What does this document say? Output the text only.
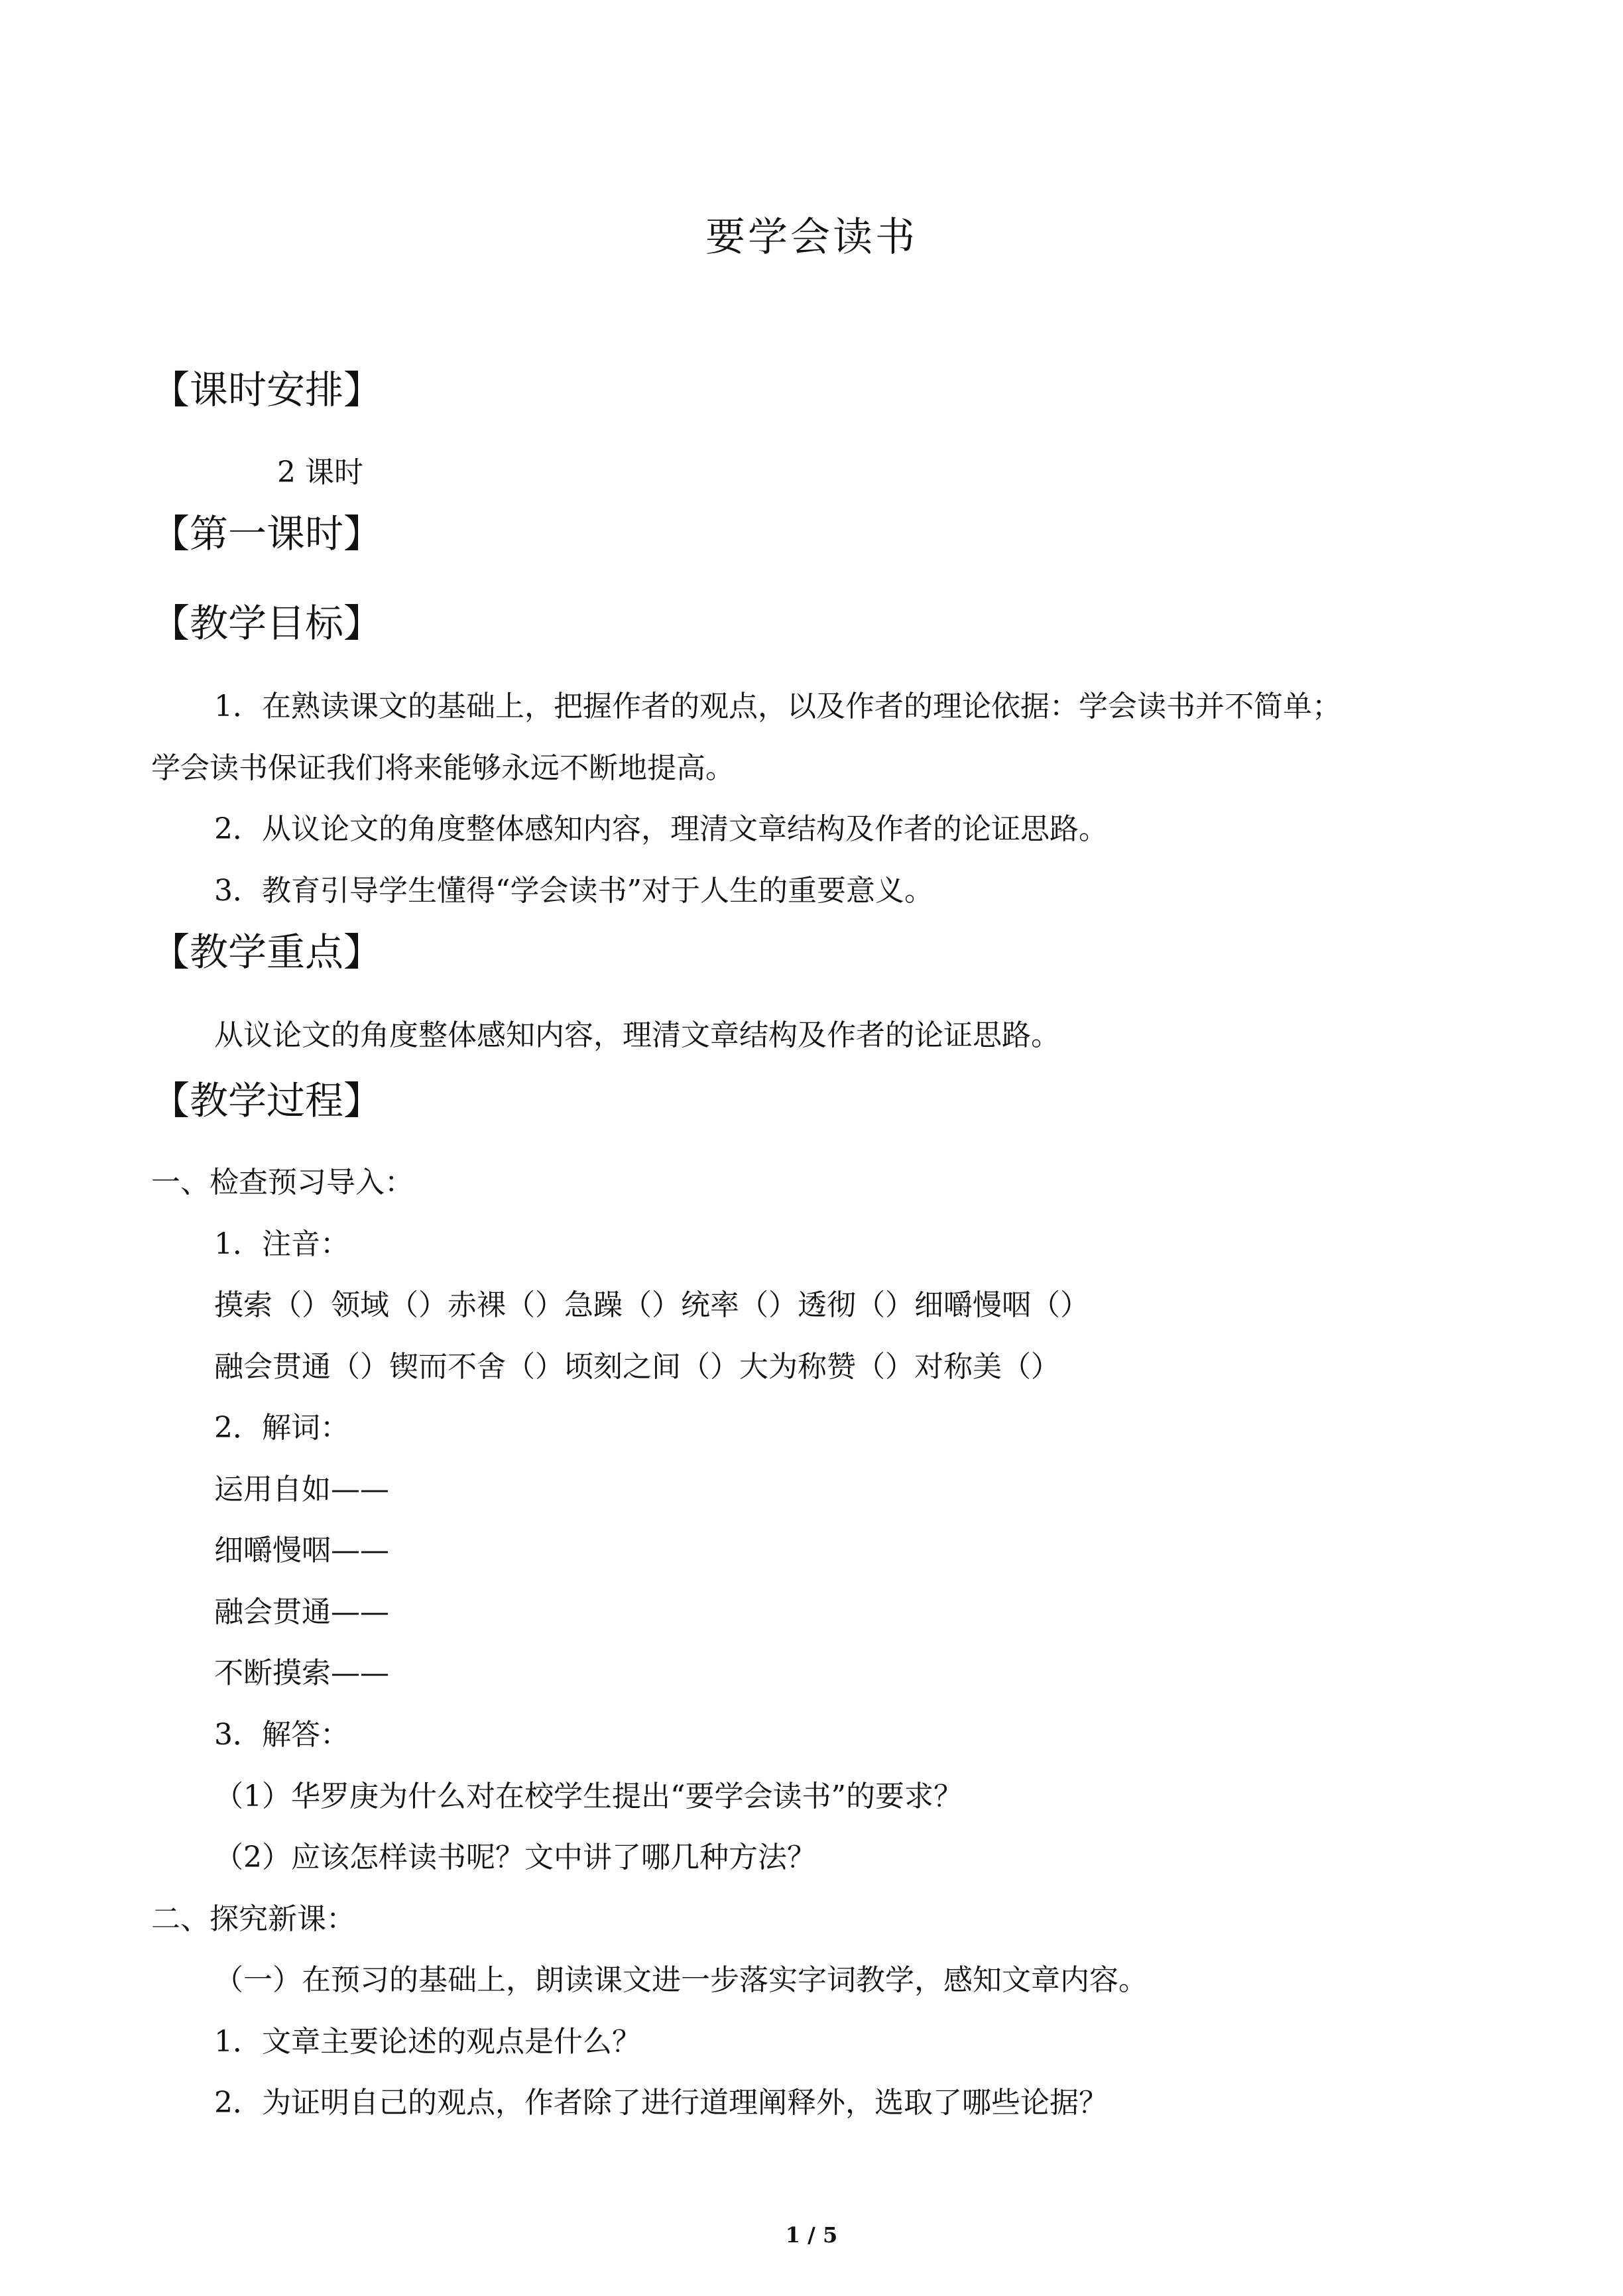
要学会读书
【课时安排】
2 课时
【第一课时】
【教学目标】
1．在熟读课文的基础上，把握作者的观点，以及作者的理论依据：学会读书并不简单；
学会读书保证我们将来能够永远不断地提高。
2．从议论文的角度整体感知内容，理清文章结构及作者的论证思路。
3．教育引导学生懂得“学会读书”对于人生的重要意义。
【教学重点】
从议论文的角度整体感知内容，理清文章结构及作者的论证思路。
【教学过程】
一、检查预习导入：
1．注音：
摸索（）领域（）赤裸（）急躁（）统率（）透彻（）细嚼慢咽（）
融会贯通（）锲而不舍（）顷刻之间（）大为称赞（）对称美（）
2．解词：
运用自如——
细嚼慢咽——
融会贯通——
不断摸索——
3．解答：
（1）华罗庚为什么对在校学生提出“要学会读书”的要求？
（2）应该怎样读书呢？文中讲了哪几种方法？
二、探究新课：
（一）在预习的基础上，朗读课文进一步落实字词教学，感知文章内容。
1．文章主要论述的观点是什么？
2．为证明自己的观点，作者除了进行道理阐释外，选取了哪些论据？
1 / 5
